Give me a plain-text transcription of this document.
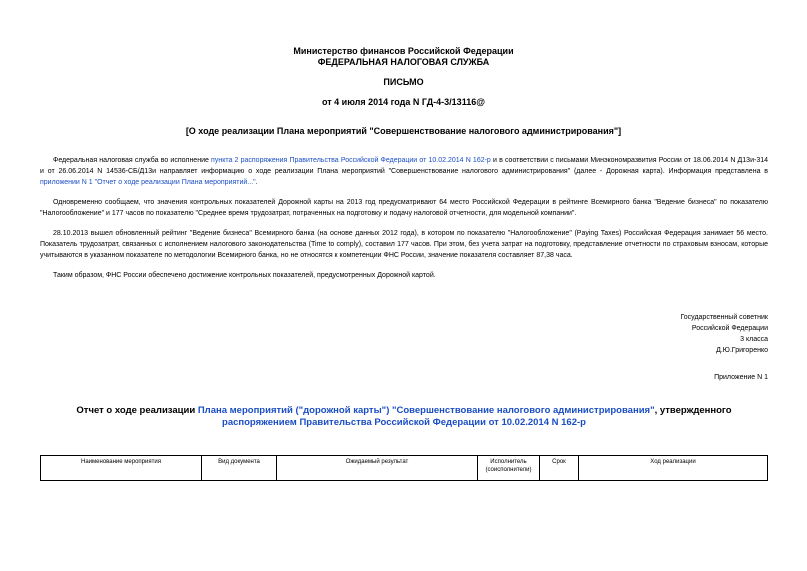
Министерство финансов Российской Федерации
ФЕДЕРАЛЬНАЯ НАЛОГОВАЯ СЛУЖБА
ПИСЬМО
от 4 июля 2014 года N ГД-4-3/13116@
[О ходе реализации Плана мероприятий "Совершенствование налогового администрирования"]
Федеральная налоговая служба во исполнение пункта 2 распоряжения Правительства Российской Федерации от 10.02.2014 N 162-р и в соответствии с письмами Минэкономразвития России от 18.06.2014 N Д13и-314 и от 26.06.2014 N 14536-СБ/Д13и направляет информацию о ходе реализации Плана мероприятий "Совершенствование налогового администрирования" (далее - Дорожная карта). Информация представлена в приложении N 1 "Отчет о ходе реализации Плана мероприятий...".
Одновременно сообщаем, что значения контрольных показателей Дорожной карты на 2013 год предусматривают 64 место Российской Федерации в рейтинге Всемирного банка "Ведение бизнеса" по показателю "Налогообложение" и 177 часов по показателю "Среднее время трудозатрат, потраченных на подготовку и подачу налоговой отчетности, для модельной компании".
28.10.2013 вышел обновленный рейтинг "Ведение бизнеса" Всемирного банка (на основе данных 2012 года), в котором по показателю "Налогообложение" (Paying Taxes) Российская Федерация занимает 56 место. Показатель трудозатрат, связанных с исполнением налогового законодательства (Time to comply), составил 177 часов. При этом, без учета затрат на подготовку, представление отчетности по страховым взносам, которые учитываются в указанном показателе по методологии Всемирного банка, но не относятся к компетенции ФНС России, значение показателя составляет 87,38 часа.
Таким образом, ФНС России обеспечено достижение контрольных показателей, предусмотренных Дорожной картой.
Государственный советник
Российской Федерации
3 класса
Д.Ю.Григоренко
Приложение N 1
Отчет о ходе реализации Плана мероприятий ("дорожной карты") "Совершенствование налогового администрирования", утвержденного распоряжением Правительства Российской Федерации от 10.02.2014 N 162-р
Наименование мероприятия	Вид документа	Ожидаемый результат	Исполнитель (соисполнители)	Срок	Ход реализации
